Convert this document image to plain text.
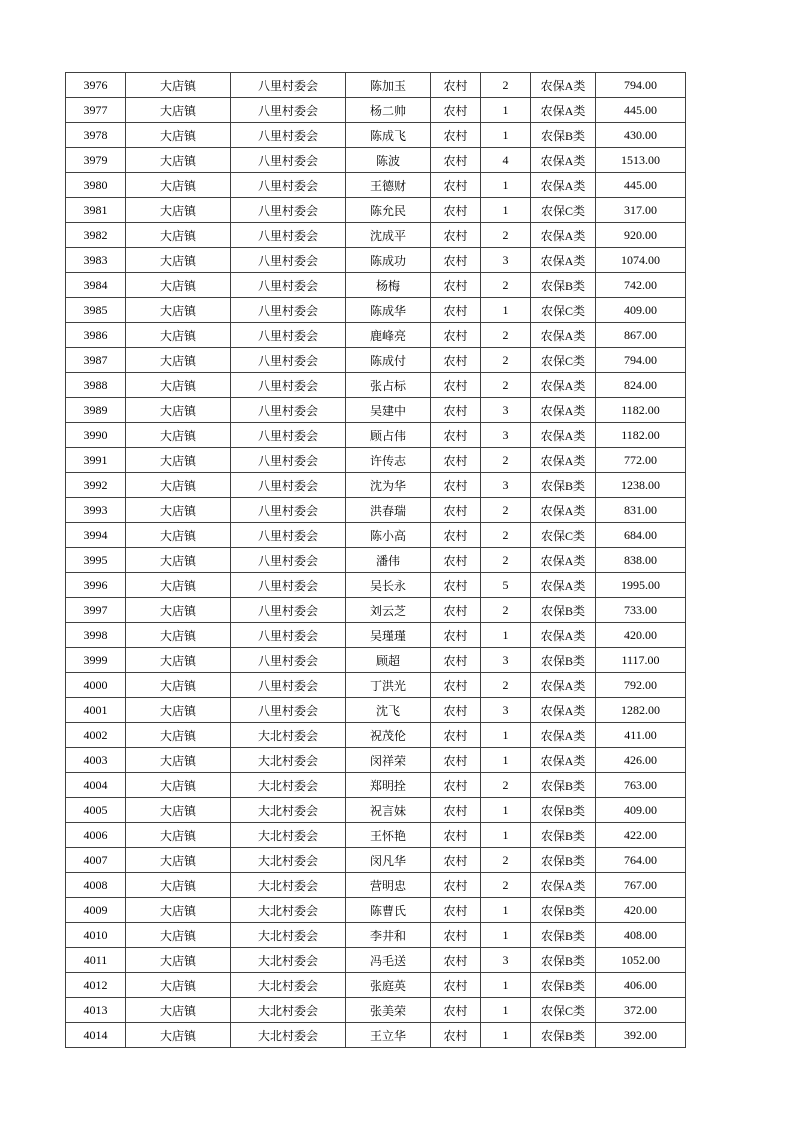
3976	大店镇	八里村委会	陈加玉	农村	2	农保A类	794.00
3977	大店镇	八里村委会	杨二帅	农村	1	农保A类	445.00
3978	大店镇	八里村委会	陈成飞	农村	1	农保B类	430.00
3979	大店镇	八里村委会	陈波	农村	4	农保A类	1513.00
3980	大店镇	八里村委会	王德财	农村	1	农保A类	445.00
3981	大店镇	八里村委会	陈允民	农村	1	农保C类	317.00
3982	大店镇	八里村委会	沈成平	农村	2	农保A类	920.00
3983	大店镇	八里村委会	陈成功	农村	3	农保A类	1074.00
3984	大店镇	八里村委会	杨梅	农村	2	农保B类	742.00
3985	大店镇	八里村委会	陈成华	农村	1	农保C类	409.00
3986	大店镇	八里村委会	鹿峰亮	农村	2	农保A类	867.00
3987	大店镇	八里村委会	陈成付	农村	2	农保C类	794.00
3988	大店镇	八里村委会	张占标	农村	2	农保A类	824.00
3989	大店镇	八里村委会	吴建中	农村	3	农保A类	1182.00
3990	大店镇	八里村委会	顾占伟	农村	3	农保A类	1182.00
3991	大店镇	八里村委会	许传志	农村	2	农保A类	772.00
3992	大店镇	八里村委会	沈为华	农村	3	农保B类	1238.00
3993	大店镇	八里村委会	洪春瑞	农村	2	农保A类	831.00
3994	大店镇	八里村委会	陈小高	农村	2	农保C类	684.00
3995	大店镇	八里村委会	潘伟	农村	2	农保A类	838.00
3996	大店镇	八里村委会	吴长永	农村	5	农保A类	1995.00
3997	大店镇	八里村委会	刘云芝	农村	2	农保B类	733.00
3998	大店镇	八里村委会	吴瑾瑾	农村	1	农保A类	420.00
3999	大店镇	八里村委会	顾超	农村	3	农保B类	1117.00
4000	大店镇	八里村委会	丁洪光	农村	2	农保A类	792.00
4001	大店镇	八里村委会	沈飞	农村	3	农保A类	1282.00
4002	大店镇	大北村委会	祝茂伦	农村	1	农保A类	411.00
4003	大店镇	大北村委会	闵祥荣	农村	1	农保A类	426.00
4004	大店镇	大北村委会	郑明拴	农村	2	农保B类	763.00
4005	大店镇	大北村委会	祝言妹	农村	1	农保B类	409.00
4006	大店镇	大北村委会	王怀艳	农村	1	农保B类	422.00
4007	大店镇	大北村委会	闵凡华	农村	2	农保B类	764.00
4008	大店镇	大北村委会	营明忠	农村	2	农保A类	767.00
4009	大店镇	大北村委会	陈曹氏	农村	1	农保B类	420.00
4010	大店镇	大北村委会	李井和	农村	1	农保B类	408.00
4011	大店镇	大北村委会	冯毛送	农村	3	农保B类	1052.00
4012	大店镇	大北村委会	张庭英	农村	1	农保B类	406.00
4013	大店镇	大北村委会	张美荣	农村	1	农保C类	372.00
4014	大店镇	大北村委会	王立华	农村	1	农保B类	392.00
